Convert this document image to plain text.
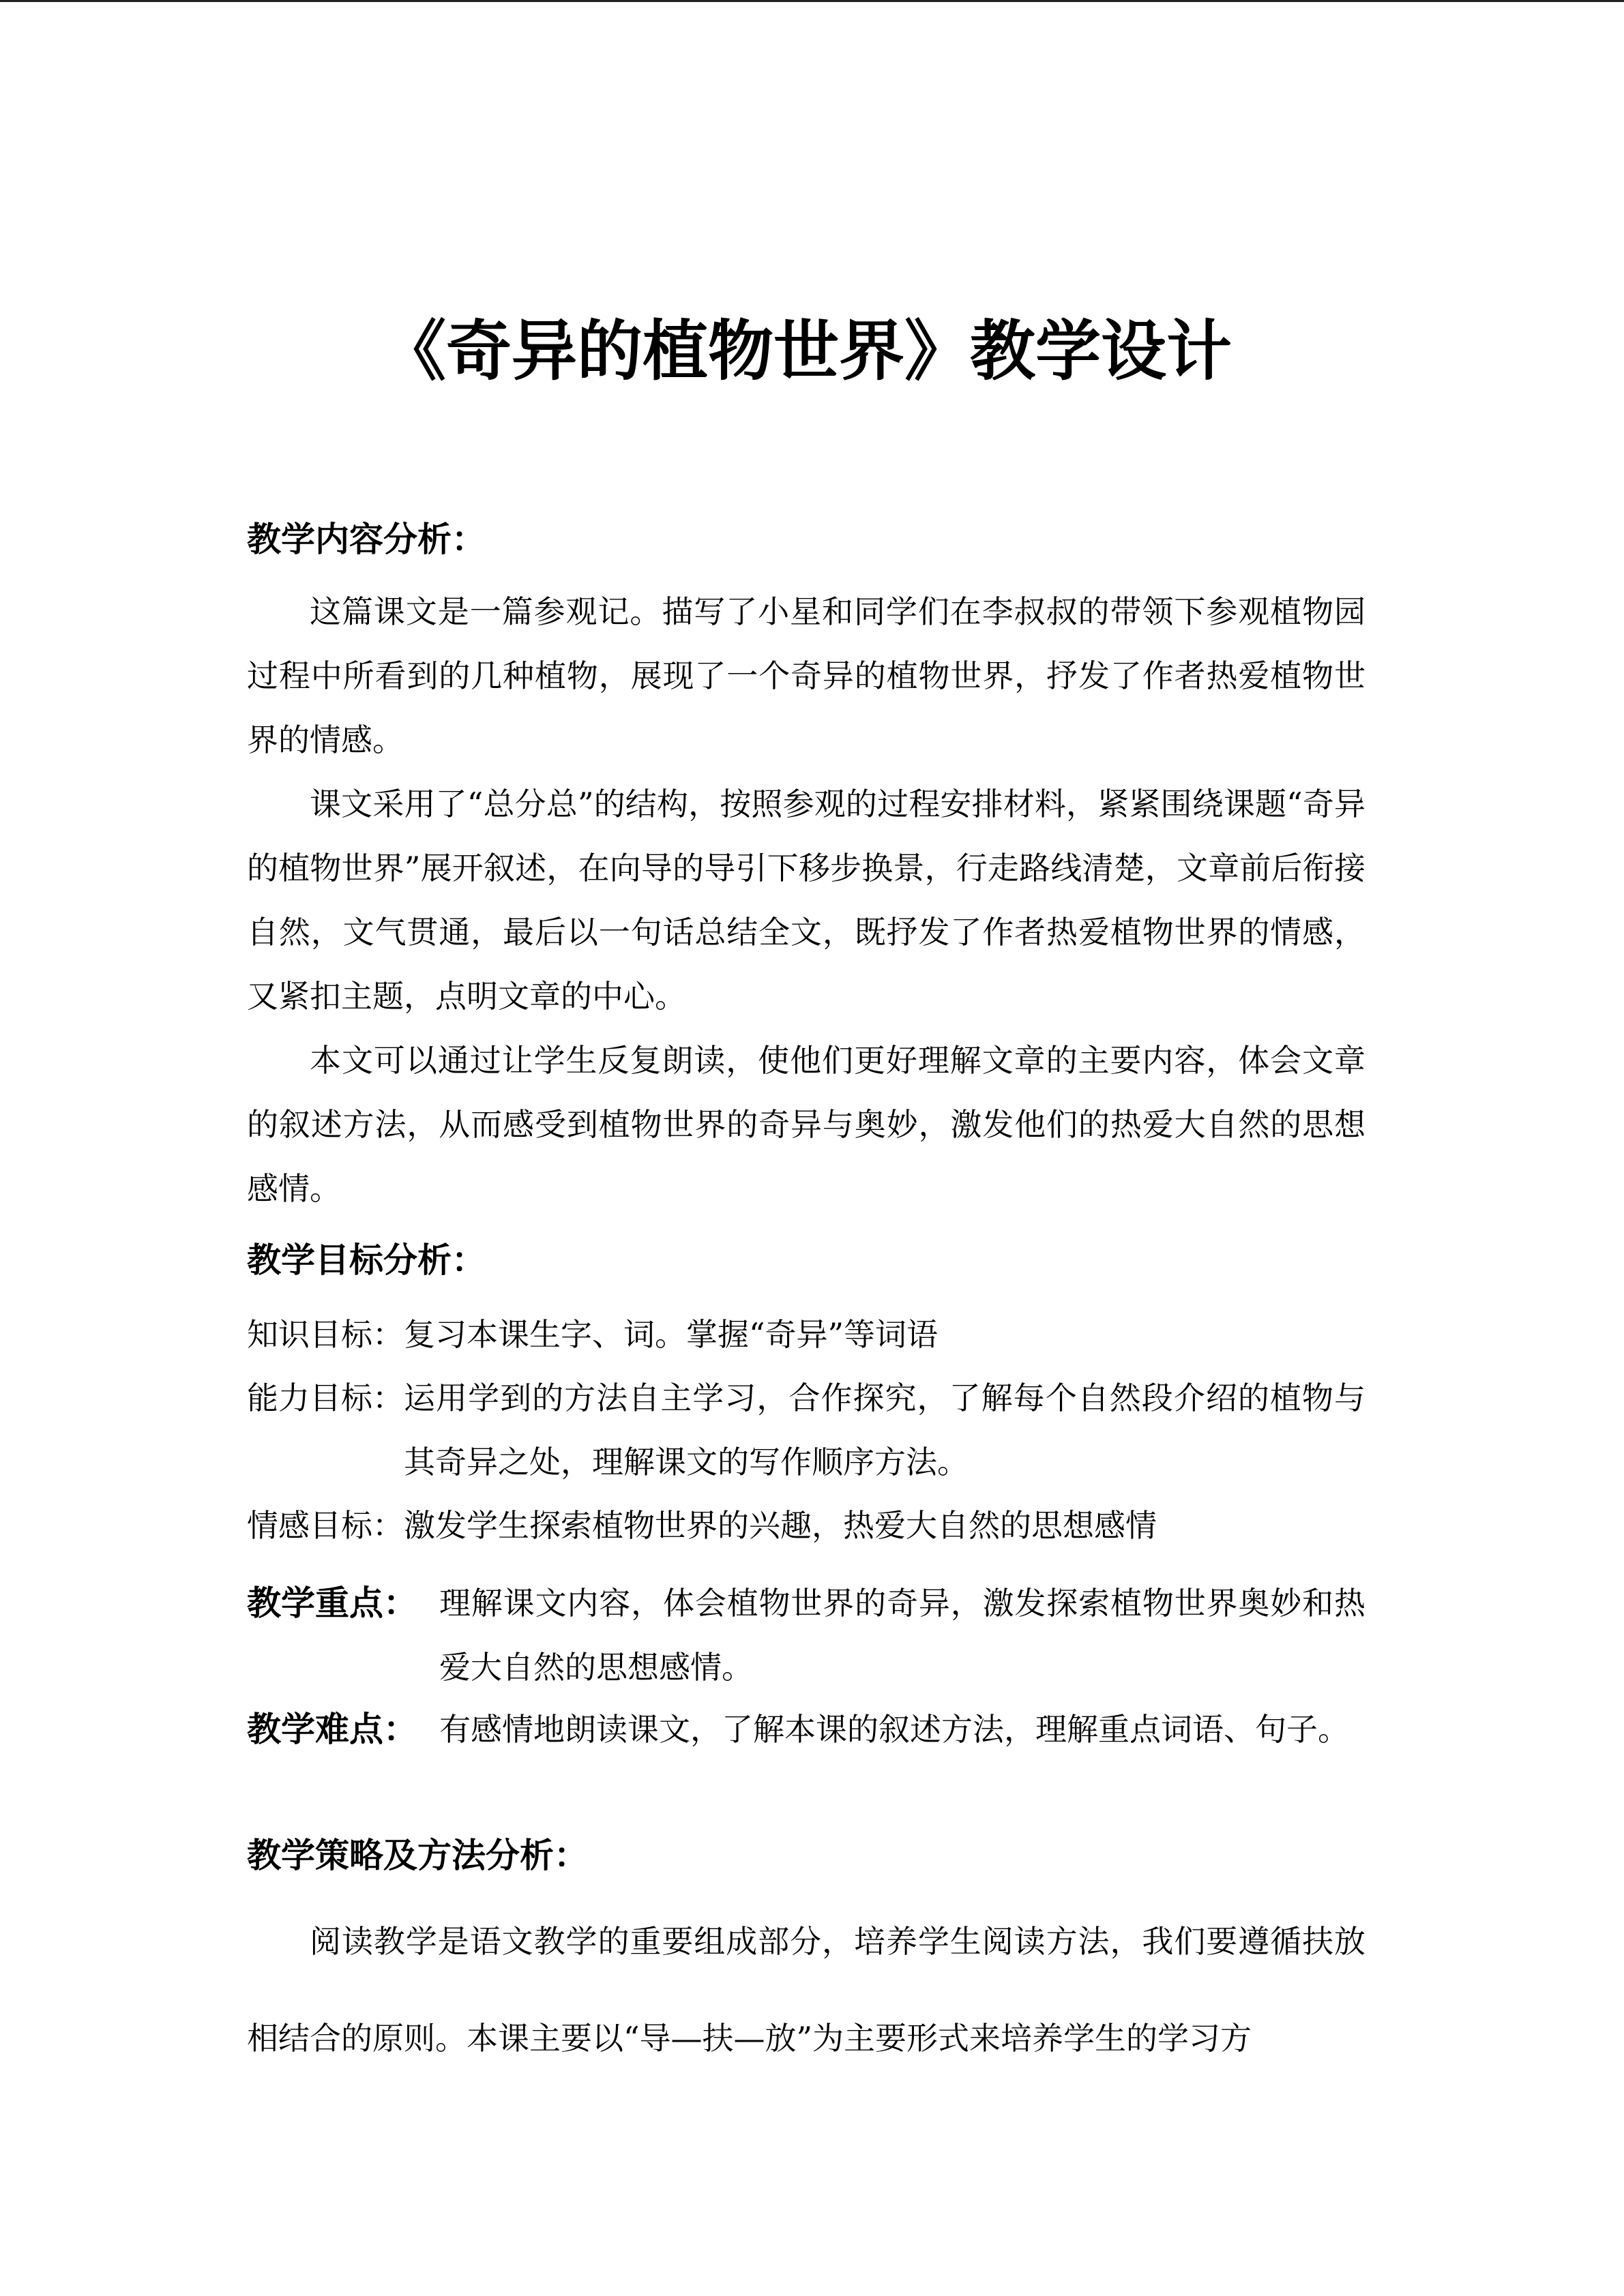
《奇异的植物世界》教学设计
教学内容分析：

这篇课文是一篇参观记。描写了小星和同学们在李叔叔的带领下参观植物园过程中所看到的几种植物，展现了一个奇异的植物世界，抒发了作者热爱植物世界的情感。

课文采用了“总分总”的结构，按照参观的过程安排材料，紧紧围绕课题“奇异的植物世界”展开叙述，在向导的导引下移步换景，行走路线清楚，文章前后衔接自然，文气贯通，最后以一句话总结全文，既抒发了作者热爱植物世界的情感，又紧扣主题，点明文章的中心。

本文可以通过让学生反复朗读，使他们更好理解文章的主要内容，体会文章的叙述方法，从而感受到植物世界的奇异与奥妙，激发他们的热爱大自然的思想感情。

教学目标分析：
知识目标： 复习本课生字、词。掌握“奇异”等词语
能力目标： 运用学到的方法自主学习，合作探究，了解每个自然段介绍的植物与其奇异之处，理解课文的写作顺序方法。
情感目标： 激发学生探索植物世界的兴趣，热爱大自然的思想感情
教学重点： 理解课文内容，体会植物世界的奇异，激发探索植物世界奥妙和热爱大自然的思想感情。
教学难点： 有感情地朗读课文，了解本课的叙述方法，理解重点词语、句子。
教学策略及方法分析：

阅读教学是语文教学的重要组成部分，培养学生阅读方法，我们要遵循扶放相结合的原则。本课主要以“导—扶—放”为主要形式来培养学生的学习方
